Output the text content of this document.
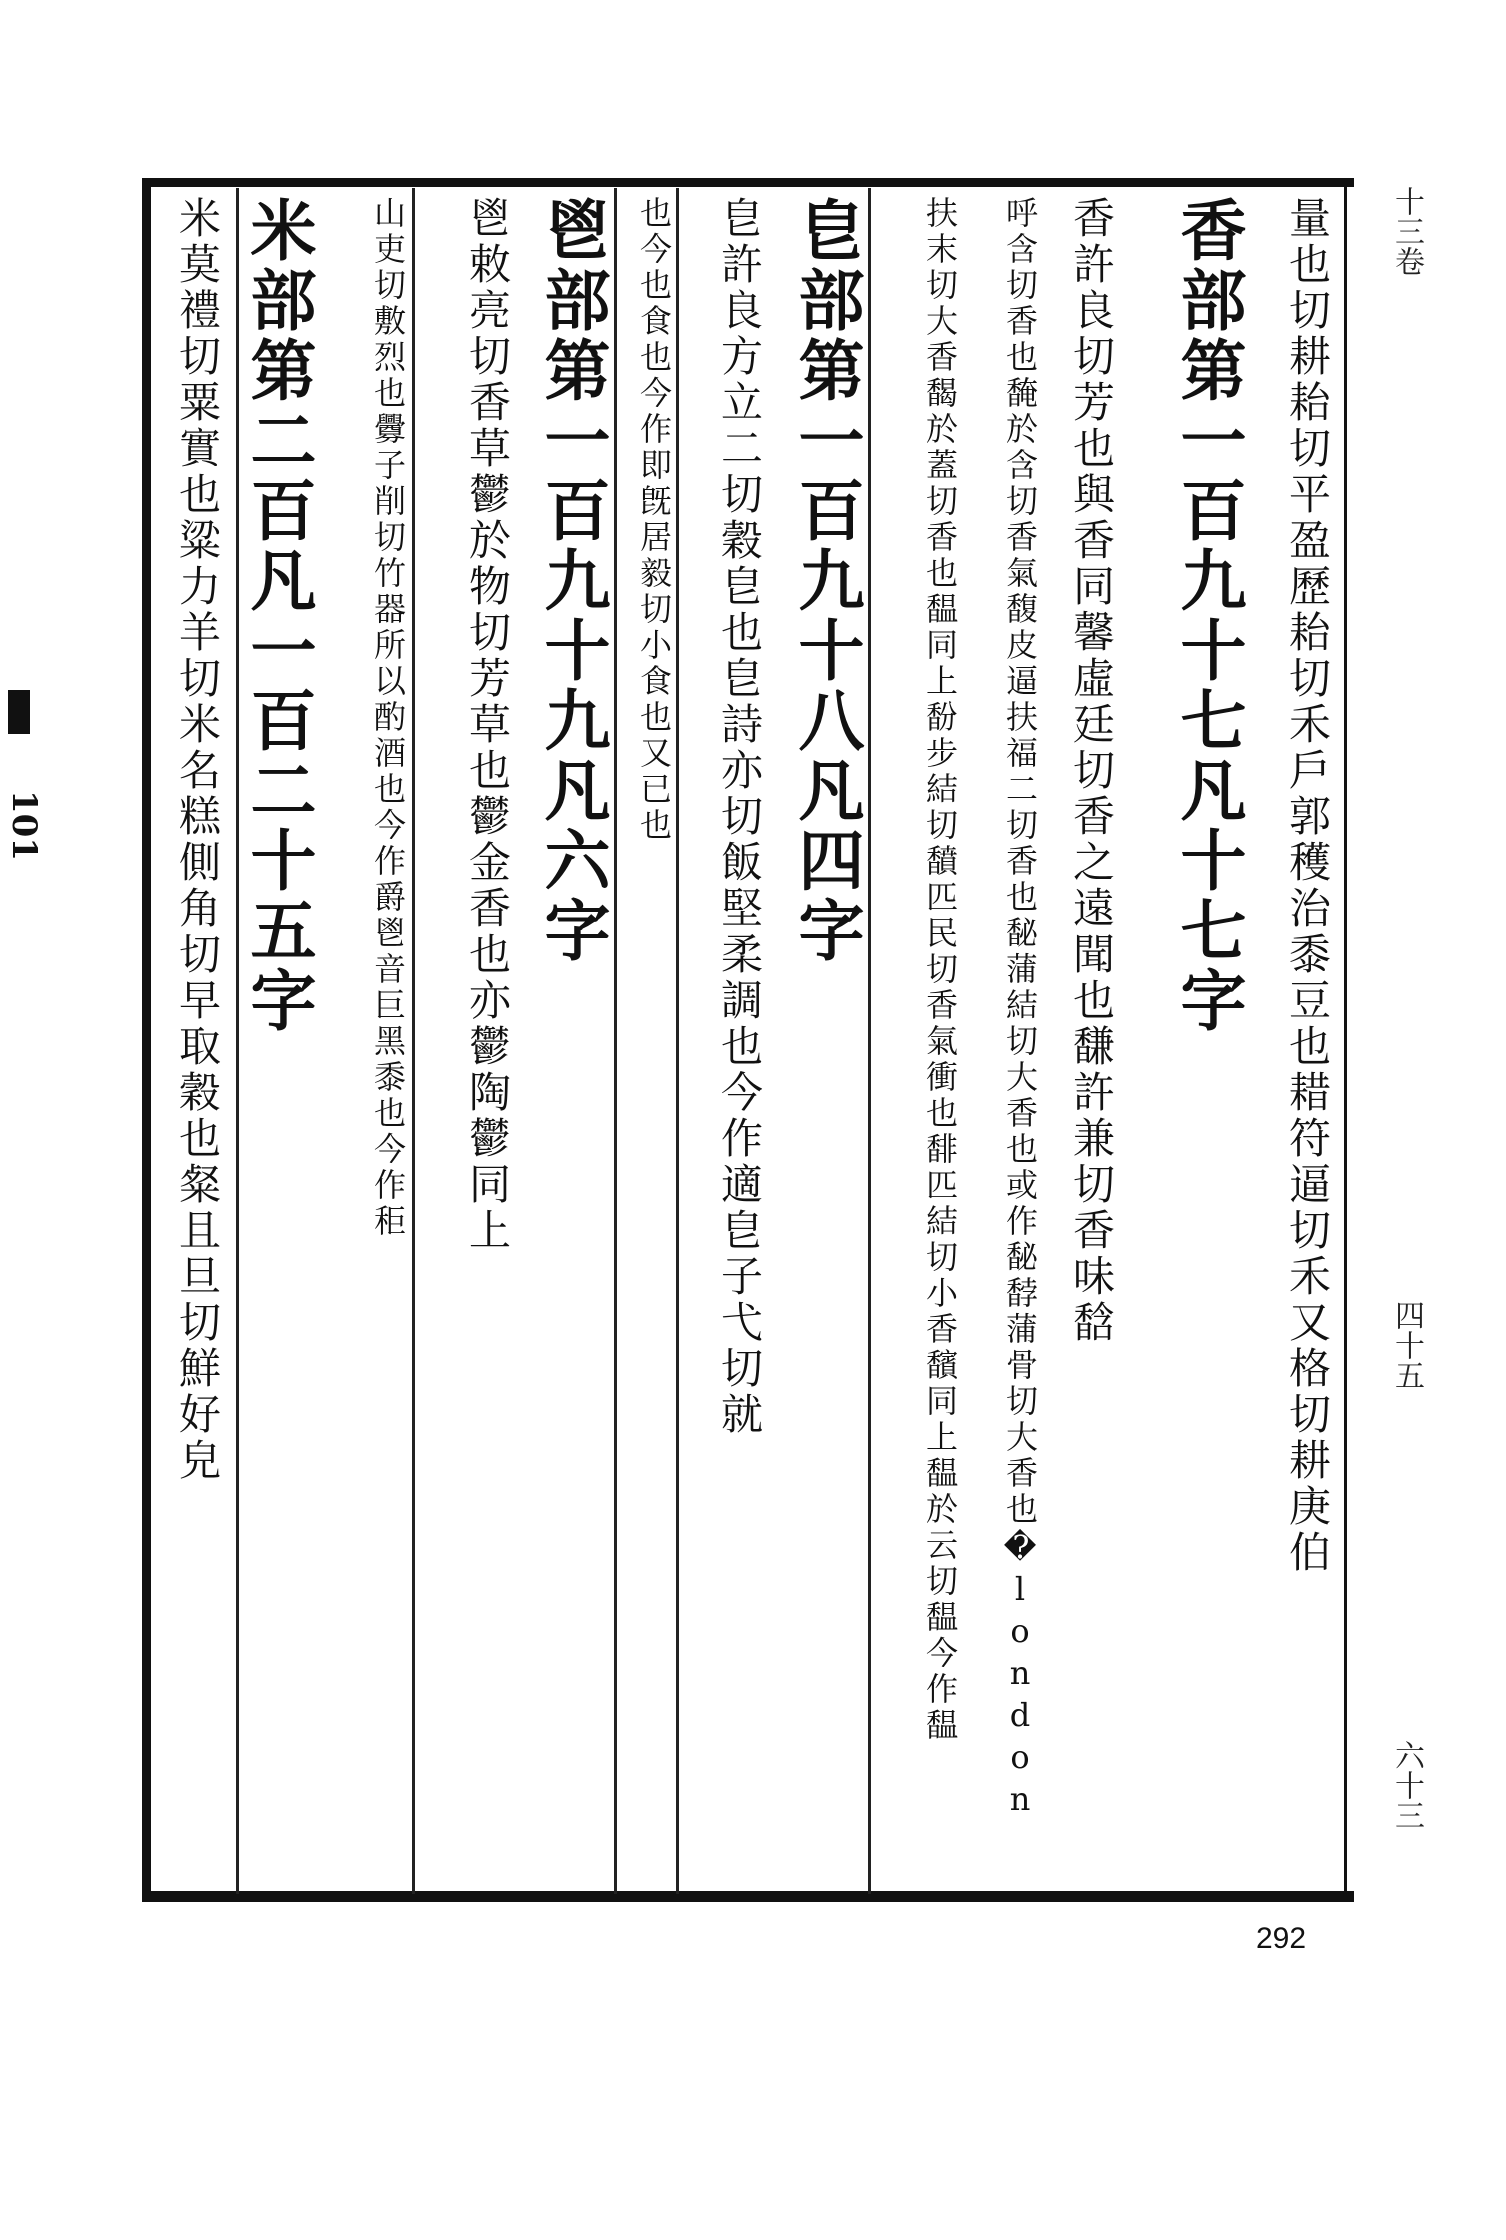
十三卷
四十五
六十三
101	量也切耕耛切平盈歷耛切禾戶郭穫治黍豆也耤符逼切禾又格切耕庚伯
香部第一百九十七凡十七字
香許良切芳也與香同馨虛廷切香之遠聞也馦許兼切香味馠
呼含切香也馣於含切香氣馥皮逼扶福二切香也馝蒲結切大香也或作馝馞蒲骨切大香也�london
扶末切大香馤於蓋切香也馧同上馚步結切馩匹民切香氣衝也馡匹結切小香馪同上馧於云切馧今作馧
皀部第一百九十八凡四字
皀許良方立二切穀皀也皀詩亦切飯堅柔調也今作適皀子弋切就
也今也食也今作即旣居毅切小食也又已也
鬯部第一百九十九凡六字
鬯敕亮切香草鬱於物切芳草也鬱金香也亦鬱陶鬱同上
山吏切敷烈也釁子削切竹器所以酌酒也今作爵鬯音巨黑黍也今作秬
米部第二百凡一百二十五字
米莫禮切粟實也粱力羊切米名糕側角切早取穀也粲且旦切鮮好皃
292
